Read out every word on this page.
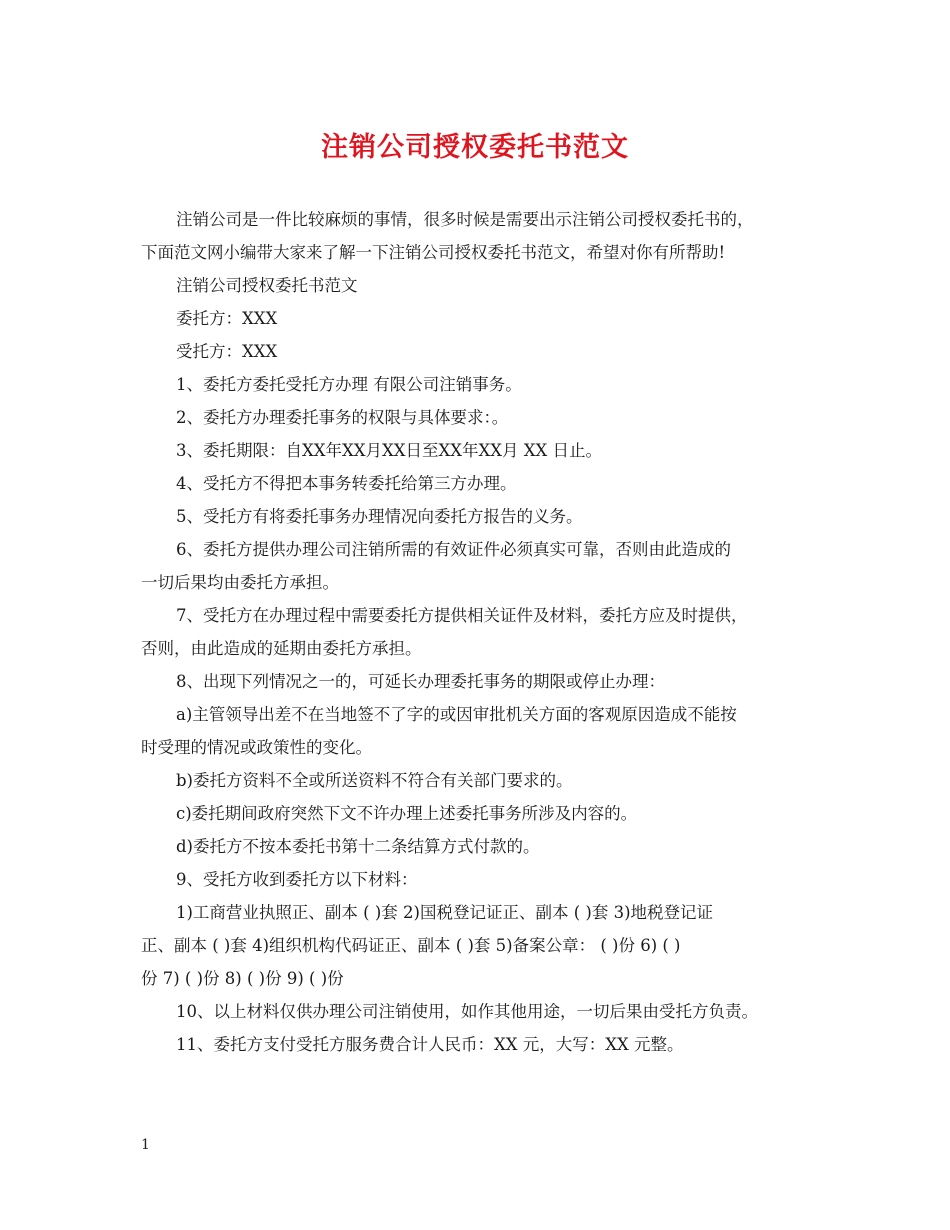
注销公司授权委托书范文

注销公司是一件比较麻烦的事情，很多时候是需要出示注销公司授权委托书的，
下面范文网小编带大家来了解一下注销公司授权委托书范文，希望对你有所帮助!

注销公司授权委托书范文

委托方：XXX

受托方：XXX

1、委托方委托受托方办理 有限公司注销事务。

2、委托方办理委托事务的权限与具体要求：。

3、委托期限：自XX年XX月XX日至XX年XX月 XX 日止。

4、受托方不得把本事务转委托给第三方办理。

5、受托方有将委托事务办理情况向委托方报告的义务。

6、委托方提供办理公司注销所需的有效证件必须真实可靠，否则由此造成的
一切后果均由委托方承担。

7、受托方在办理过程中需要委托方提供相关证件及材料，委托方应及时提供，
否则，由此造成的延期由委托方承担。

8、出现下列情况之一的，可延长办理委托事务的期限或停止办理：

a)主管领导出差不在当地签不了字的或因审批机关方面的客观原因造成不能按
时受理的情况或政策性的变化。

b)委托方资料不全或所送资料不符合有关部门要求的。

c)委托期间政府突然下文不许办理上述委托事务所涉及内容的。

d)委托方不按本委托书第十二条结算方式付款的。

9、受托方收到委托方以下材料：

1)工商营业执照正、副本 ( )套 2)国税登记证正、副本 ( )套 3)地税登记证
正、副本 ( )套 4)组织机构代码证正、副本 ( )套 5)备案公章： ( )份 6) ( )
份 7) ( )份 8) ( )份 9) ( )份

10、以上材料仅供办理公司注销使用，如作其他用途，一切后果由受托方负责。

11、委托方支付受托方服务费合计人民币：XX 元，大写：XX 元整。

1
